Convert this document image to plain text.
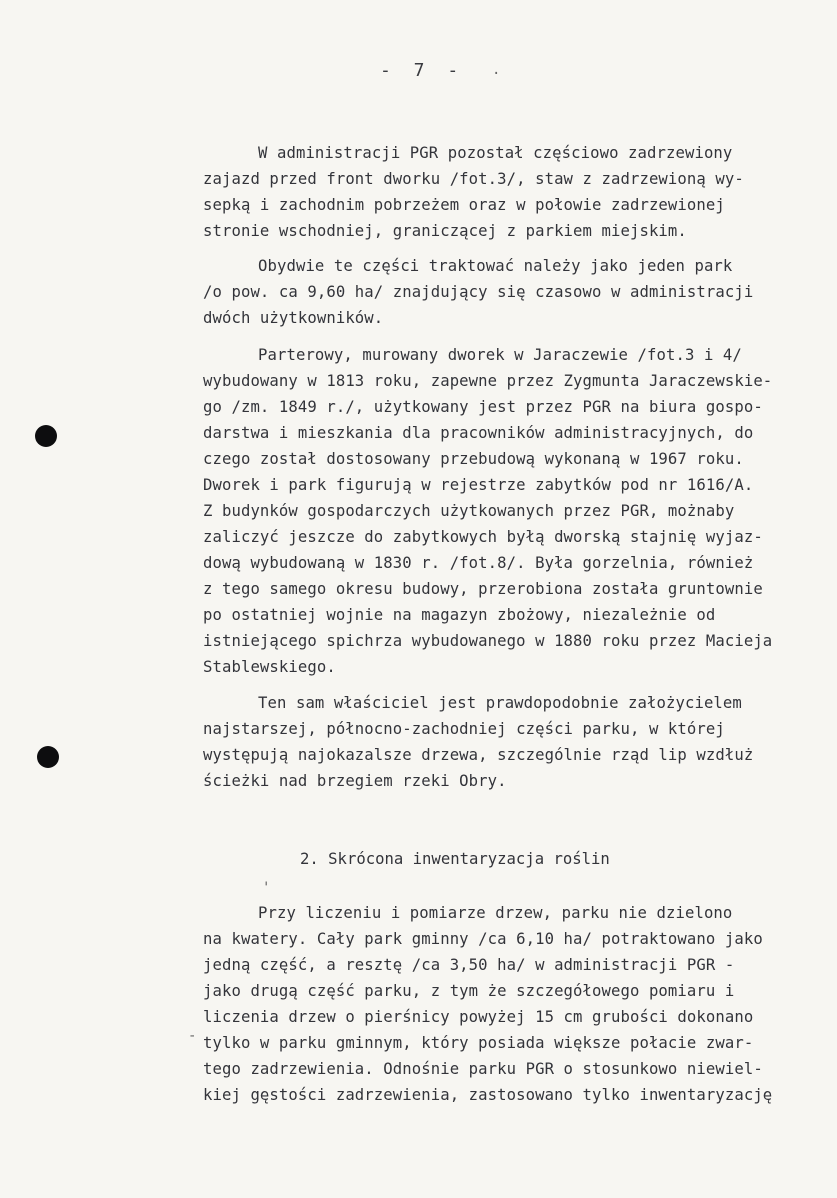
- 7 - .
W administracji PGR pozostał częściowo zadrzewiony
zajazd przed front dworku /fot.3/, staw z zadrzewioną wy-
sepką i zachodnim pobrzeżem oraz w połowie zadrzewionej
stronie wschodniej, graniczącej z parkiem miejskim.
Obydwie te części traktować należy jako jeden park
/o pow. ca 9,60 ha/ znajdujący się czasowo w administracji
dwóch użytkowników.
Parterowy, murowany dworek w Jaraczewie /fot.3 i 4/
wybudowany w 1813 roku, zapewne przez Zygmunta Jaraczewskie-
go /zm. 1849 r./, użytkowany jest przez PGR na biura gospo-
darstwa i mieszkania dla pracowników administracyjnych, do
czego został dostosowany przebudową wykonaną w 1967 roku.
Dworek i park figurują w rejestrze zabytków pod nr 1616/A.
Z budynków gospodarczych użytkowanych przez PGR, możnaby
zaliczyć jeszcze do zabytkowych byłą dworską stajnię wyjaz-
dową wybudowaną w 1830 r. /fot.8/. Była gorzelnia, również
z tego samego okresu budowy, przerobiona została gruntownie
po ostatniej wojnie na magazyn zbożowy, niezależnie od
istniejącego spichrza wybudowanego w 1880 roku przez Macieja
Stablewskiego.
Ten sam właściciel jest prawdopodobnie założycielem
najstarszej, północno-zachodniej części parku, w której
występują najokazalsze drzewa, szczególnie rząd lip wzdłuż
ścieżki nad brzegiem rzeki Obry.
2. Skrócona inwentaryzacja roślin
'
Przy liczeniu i pomiarze drzew, parku nie dzielono
na kwatery. Cały park gminny /ca 6,10 ha/ potraktowano jako
jedną część, a resztę /ca 3,50 ha/ w administracji PGR -
jako drugą część parku, z tym że szczegółowego pomiaru i
liczenia drzew o pierśnicy powyżej 15 cm grubości dokonano
- tylko w parku gminnym, który posiada większe połacie zwar-
tego zadrzewienia. Odnośnie parku PGR o stosunkowo niewiel-
kiej gęstości zadrzewienia, zastosowano tylko inwentaryzację
